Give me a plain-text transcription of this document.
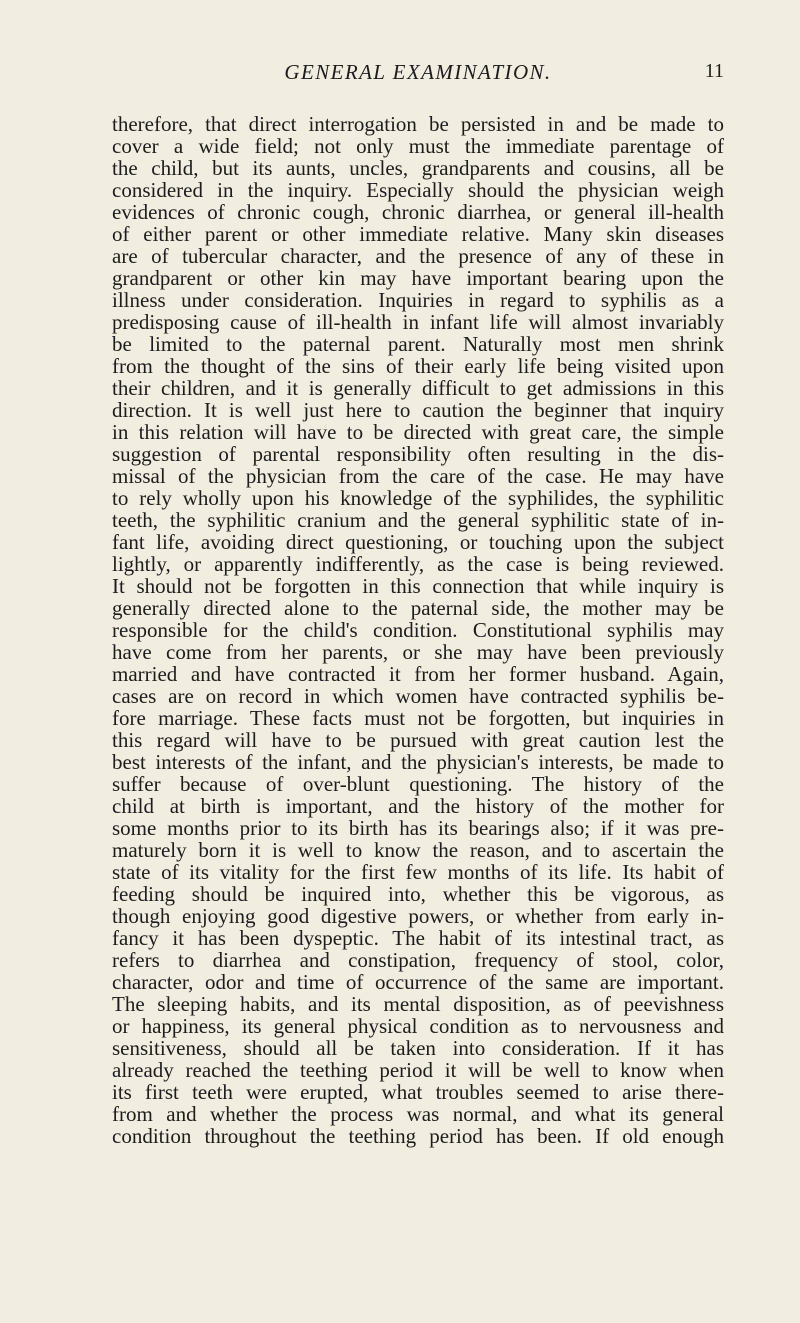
GENERAL EXAMINATION.	11
therefore, that direct interrogation be persisted in and be made to
cover a wide field; not only must the immediate parentage of
the child, but its aunts, uncles, grandparents and cousins, all be
considered in the inquiry. Especially should the physician weigh
evidences of chronic cough, chronic diarrhea, or general ill-health
of either parent or other immediate relative. Many skin diseases
are of tubercular character, and the presence of any of these in
grandparent or other kin may have important bearing upon the
illness under consideration. Inquiries in regard to syphilis as a
predisposing cause of ill-health in infant life will almost invariably
be limited to the paternal parent. Naturally most men shrink
from the thought of the sins of their early life being visited upon
their children, and it is generally difficult to get admissions in this
direction. It is well just here to caution the beginner that inquiry
in this relation will have to be directed with great care, the simple
suggestion of parental responsibility often resulting in the dis-
missal of the physician from the care of the case. He may have
to rely wholly upon his knowledge of the syphilides, the syphilitic
teeth, the syphilitic cranium and the general syphilitic state of in-
fant life, avoiding direct questioning, or touching upon the subject
lightly, or apparently indifferently, as the case is being reviewed.
It should not be forgotten in this connection that while inquiry is
generally directed alone to the paternal side, the mother may be
responsible for the child's condition. Constitutional syphilis may
have come from her parents, or she may have been previously
married and have contracted it from her former husband. Again,
cases are on record in which women have contracted syphilis be-
fore marriage. These facts must not be forgotten, but inquiries in
this regard will have to be pursued with great caution lest the
best interests of the infant, and the physician's interests, be made to
suffer because of over-blunt questioning. The history of the
child at birth is important, and the history of the mother for
some months prior to its birth has its bearings also; if it was pre-
maturely born it is well to know the reason, and to ascertain the
state of its vitality for the first few months of its life. Its habit of
feeding should be inquired into, whether this be vigorous, as
though enjoying good digestive powers, or whether from early in-
fancy it has been dyspeptic. The habit of its intestinal tract, as
refers to diarrhea and constipation, frequency of stool, color,
character, odor and time of occurrence of the same are important.
The sleeping habits, and its mental disposition, as of peevishness
or happiness, its general physical condition as to nervousness and
sensitiveness, should all be taken into consideration. If it has
already reached the teething period it will be well to know when
its first teeth were erupted, what troubles seemed to arise there-
from and whether the process was normal, and what its general
condition throughout the teething period has been. If old enough
